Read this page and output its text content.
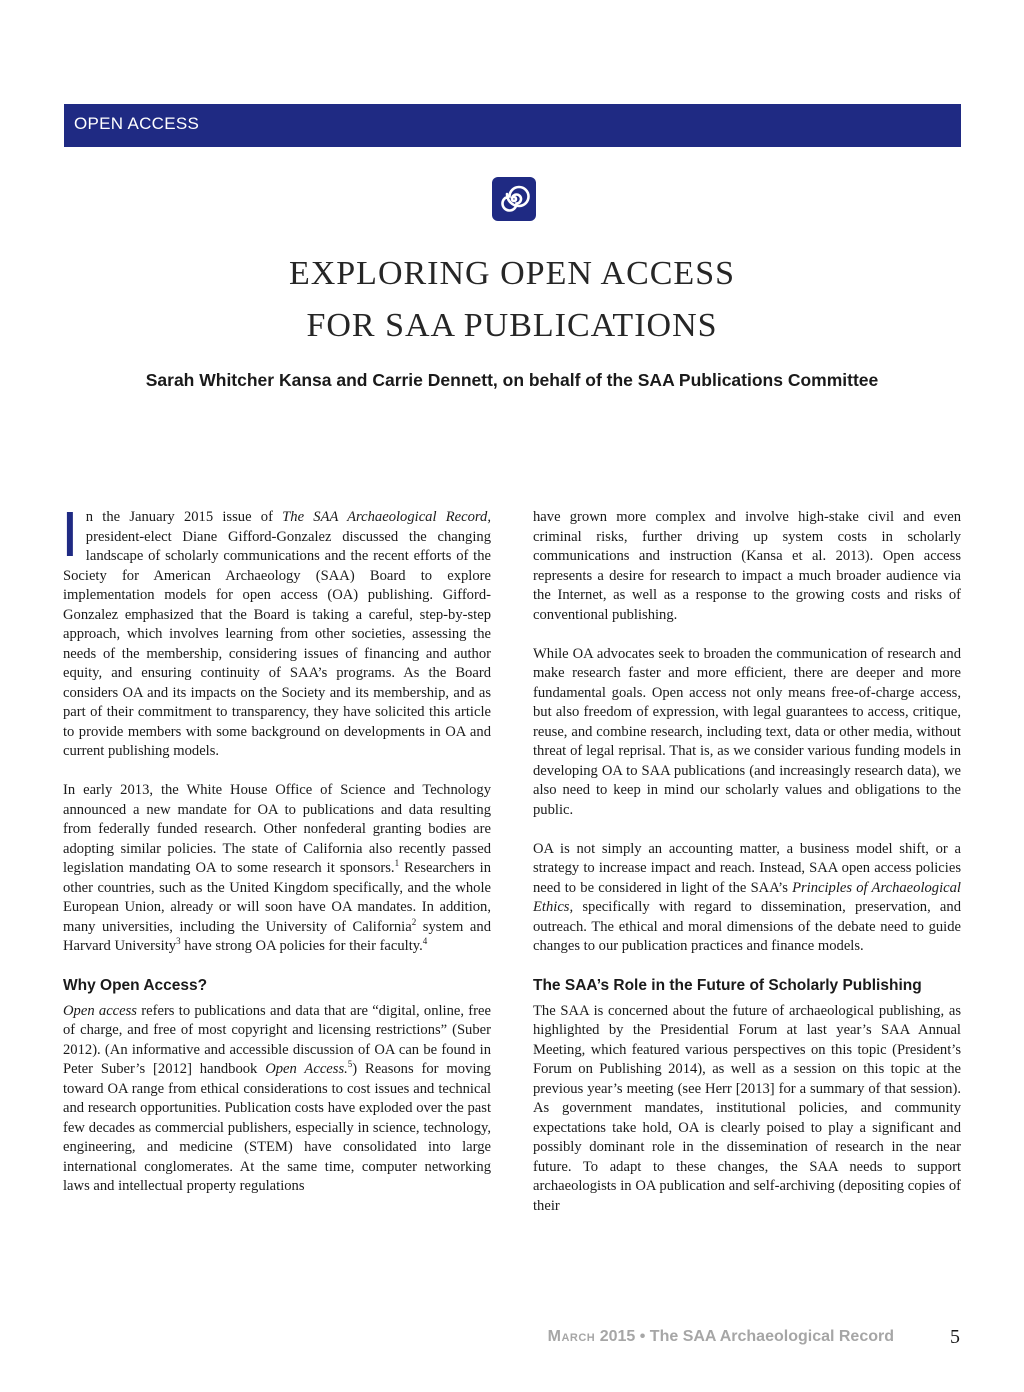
OPEN ACCESS
EXPLORING OPEN ACCESS
FOR SAA PUBLICATIONS

Sarah Whitcher Kansa and Carrie Dennett, on behalf of the SAA Publications Committee

In the January 2015 issue of The SAA Archaeological Record, president-elect Diane Gifford-Gonzalez discussed the changing landscape of scholarly communications and the recent efforts of the Society for American Archaeology (SAA) Board to explore implementation models for open access (OA) publishing. Gifford-Gonzalez emphasized that the Board is taking a careful, step-by-step approach, which involves learning from other societies, assessing the needs of the membership, considering issues of financing and author equity, and ensuring continuity of SAA’s programs. As the Board considers OA and its impacts on the Society and its membership, and as part of their commitment to transparency, they have solicited this article to provide members with some background on developments in OA and current publishing models.

In early 2013, the White House Office of Science and Technology announced a new mandate for OA to publications and data resulting from federally funded research. Other nonfederal granting bodies are adopting similar policies. The state of California also recently passed legislation mandating OA to some research it sponsors.$^1$ Researchers in other countries, such as the United Kingdom specifically, and the whole European Union, already or will soon have OA mandates. In addition, many universities, including the University of California$^2$ system and Harvard University$^3$ have strong OA policies for their faculty.$^4$

Why Open Access?

Open access refers to publications and data that are “digital, online, free of charge, and free of most copyright and licensing restrictions” (Suber 2012). (An informative and accessible discussion of OA can be found in Peter Suber’s [2012] handbook Open Access.$^5$) Reasons for moving toward OA range from ethical considerations to cost issues and technical and research opportunities. Publication costs have exploded over the past few decades as commercial publishers, especially in science, technology, engineering, and medicine (STEM) have consolidated into large international conglomerates. At the same time, computer networking laws and intellectual property regulations

have grown more complex and involve high-stake civil and even criminal risks, further driving up system costs in scholarly communications and instruction (Kansa et al. 2013). Open access represents a desire for research to impact a much broader audience via the Internet, as well as a response to the growing costs and risks of conventional publishing.

While OA advocates seek to broaden the communication of research and make research faster and more efficient, there are deeper and more fundamental goals. Open access not only means free-of-charge access, but also freedom of expression, with legal guarantees to access, critique, reuse, and combine research, including text, data or other media, without threat of legal reprisal. That is, as we consider various funding models in developing OA to SAA publications (and increasingly research data), we also need to keep in mind our scholarly values and obligations to the public.

OA is not simply an accounting matter, a business model shift, or a strategy to increase impact and reach. Instead, SAA open access policies need to be considered in light of the SAA’s Principles of Archaeological Ethics, specifically with regard to dissemination, preservation, and outreach. The ethical and moral dimensions of the debate need to guide changes to our publication practices and finance models.

The SAA’s Role in the Future of Scholarly Publishing

The SAA is concerned about the future of archaeological publishing, as highlighted by the Presidential Forum at last year’s SAA Annual Meeting, which featured various perspectives on this topic (President’s Forum on Publishing 2014), as well as a session on this topic at the previous year’s meeting (see Herr [2013] for a summary of that session). As government mandates, institutional policies, and community expectations take hold, OA is clearly poised to play a significant and possibly dominant role in the dissemination of research in the near future. To adapt to these changes, the SAA needs to support archaeologists in OA publication and self-archiving (depositing copies of their

March 2015 • The SAA Archaeological Record	5
